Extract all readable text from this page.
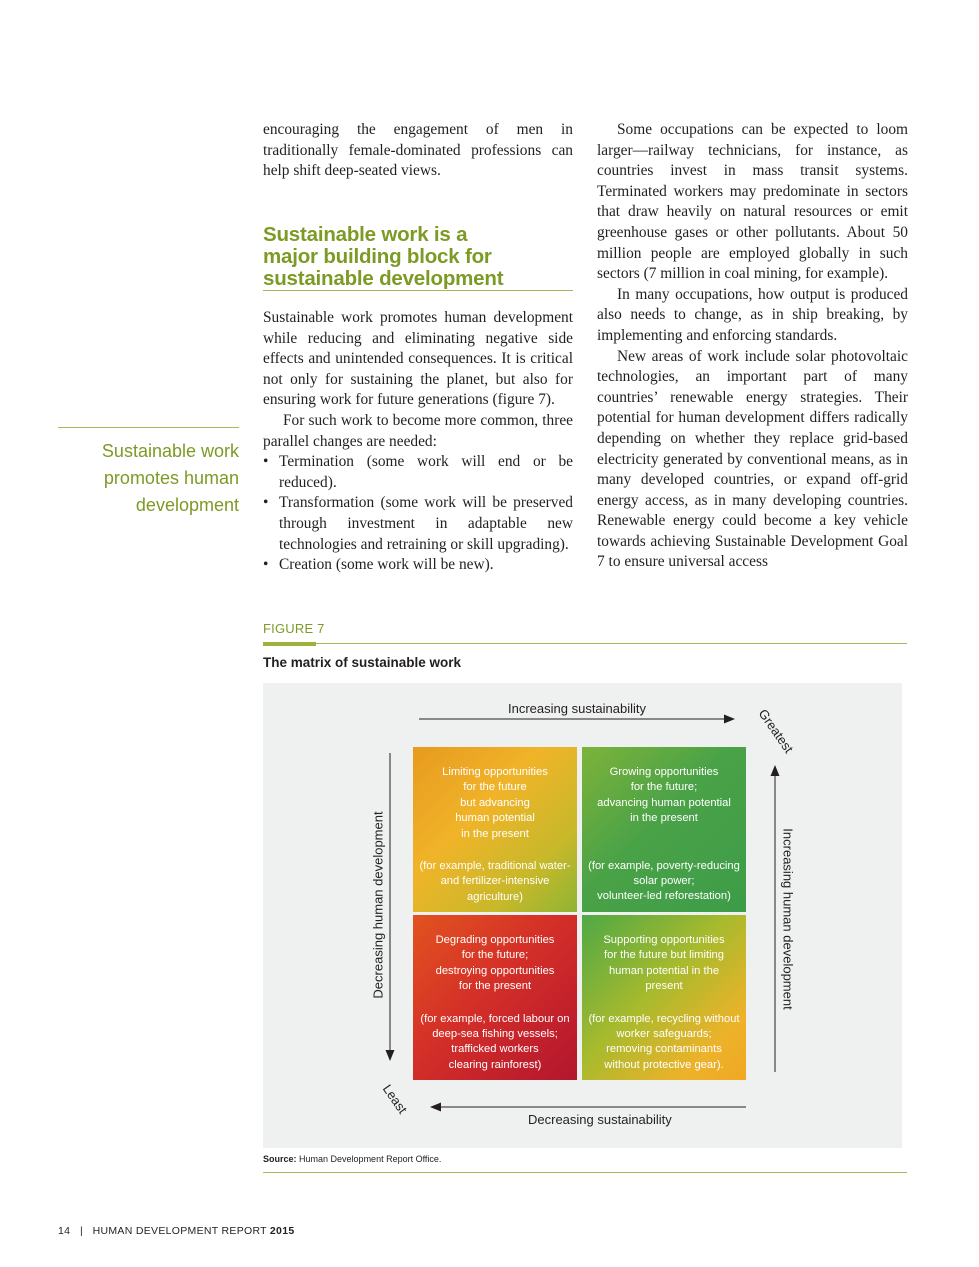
encouraging the engagement of men in traditionally female-dominated professions can help shift deep-seated views.

Sustainable work is a
major building block for
sustainable development

Sustainable work promotes human development while reducing and eliminating negative side effects and unintended consequences. It is critical not only for sustaining the planet, but also for ensuring work for future generations (figure 7).

For such work to become more common, three parallel changes are needed:

• Termination (some work will end or be reduced).
• Transformation (some work will be preserved through investment in adaptable new technologies and retraining or skill upgrading).
• Creation (some work will be new).

Some occupations can be expected to loom larger—railway technicians, for instance, as countries invest in mass transit systems. Terminated workers may predominate in sectors that draw heavily on natural resources or emit greenhouse gases or other pollutants. About 50 million people are employed globally in such sectors (7 million in coal mining, for example).

In many occupations, how output is produced also needs to change, as in ship breaking, by implementing and enforcing standards.

New areas of work include solar photovoltaic technologies, an important part of many countries’ renewable energy strategies. Their potential for human development differs radically depending on whether they replace grid-based electricity generated by conventional means, as in many developed countries, or expand off-grid energy access, as in many developing countries. Renewable energy could become a key vehicle towards achieving Sustainable Development Goal 7 to ensure universal access

Sustainable work
promotes human
development
FIGURE 7
The matrix of sustainable work
Increasing sustainability
Decreasing sustainability
Decreasing human development	Increasing human development
Greatest
Least
Limiting opportunities
for the future
but advancing
human potential
in the present
(for example, traditional water-
and fertilizer-intensive
agriculture)
Growing opportunities
for the future;
advancing human potential
in the present
(for example, poverty-reducing
solar power;
volunteer-led reforestation)
Degrading opportunities
for the future;
destroying opportunities
for the present
(for example, forced labour on
deep-sea fishing vessels;
trafficked workers
clearing rainforest)
Supporting opportunities
for the future but limiting
human potential in the
present
(for example, recycling without
worker safeguards;
removing contaminants
without protective gear).
Source: Human Development Report Office.
14 | HUMAN DEVELOPMENT REPORT 2015
